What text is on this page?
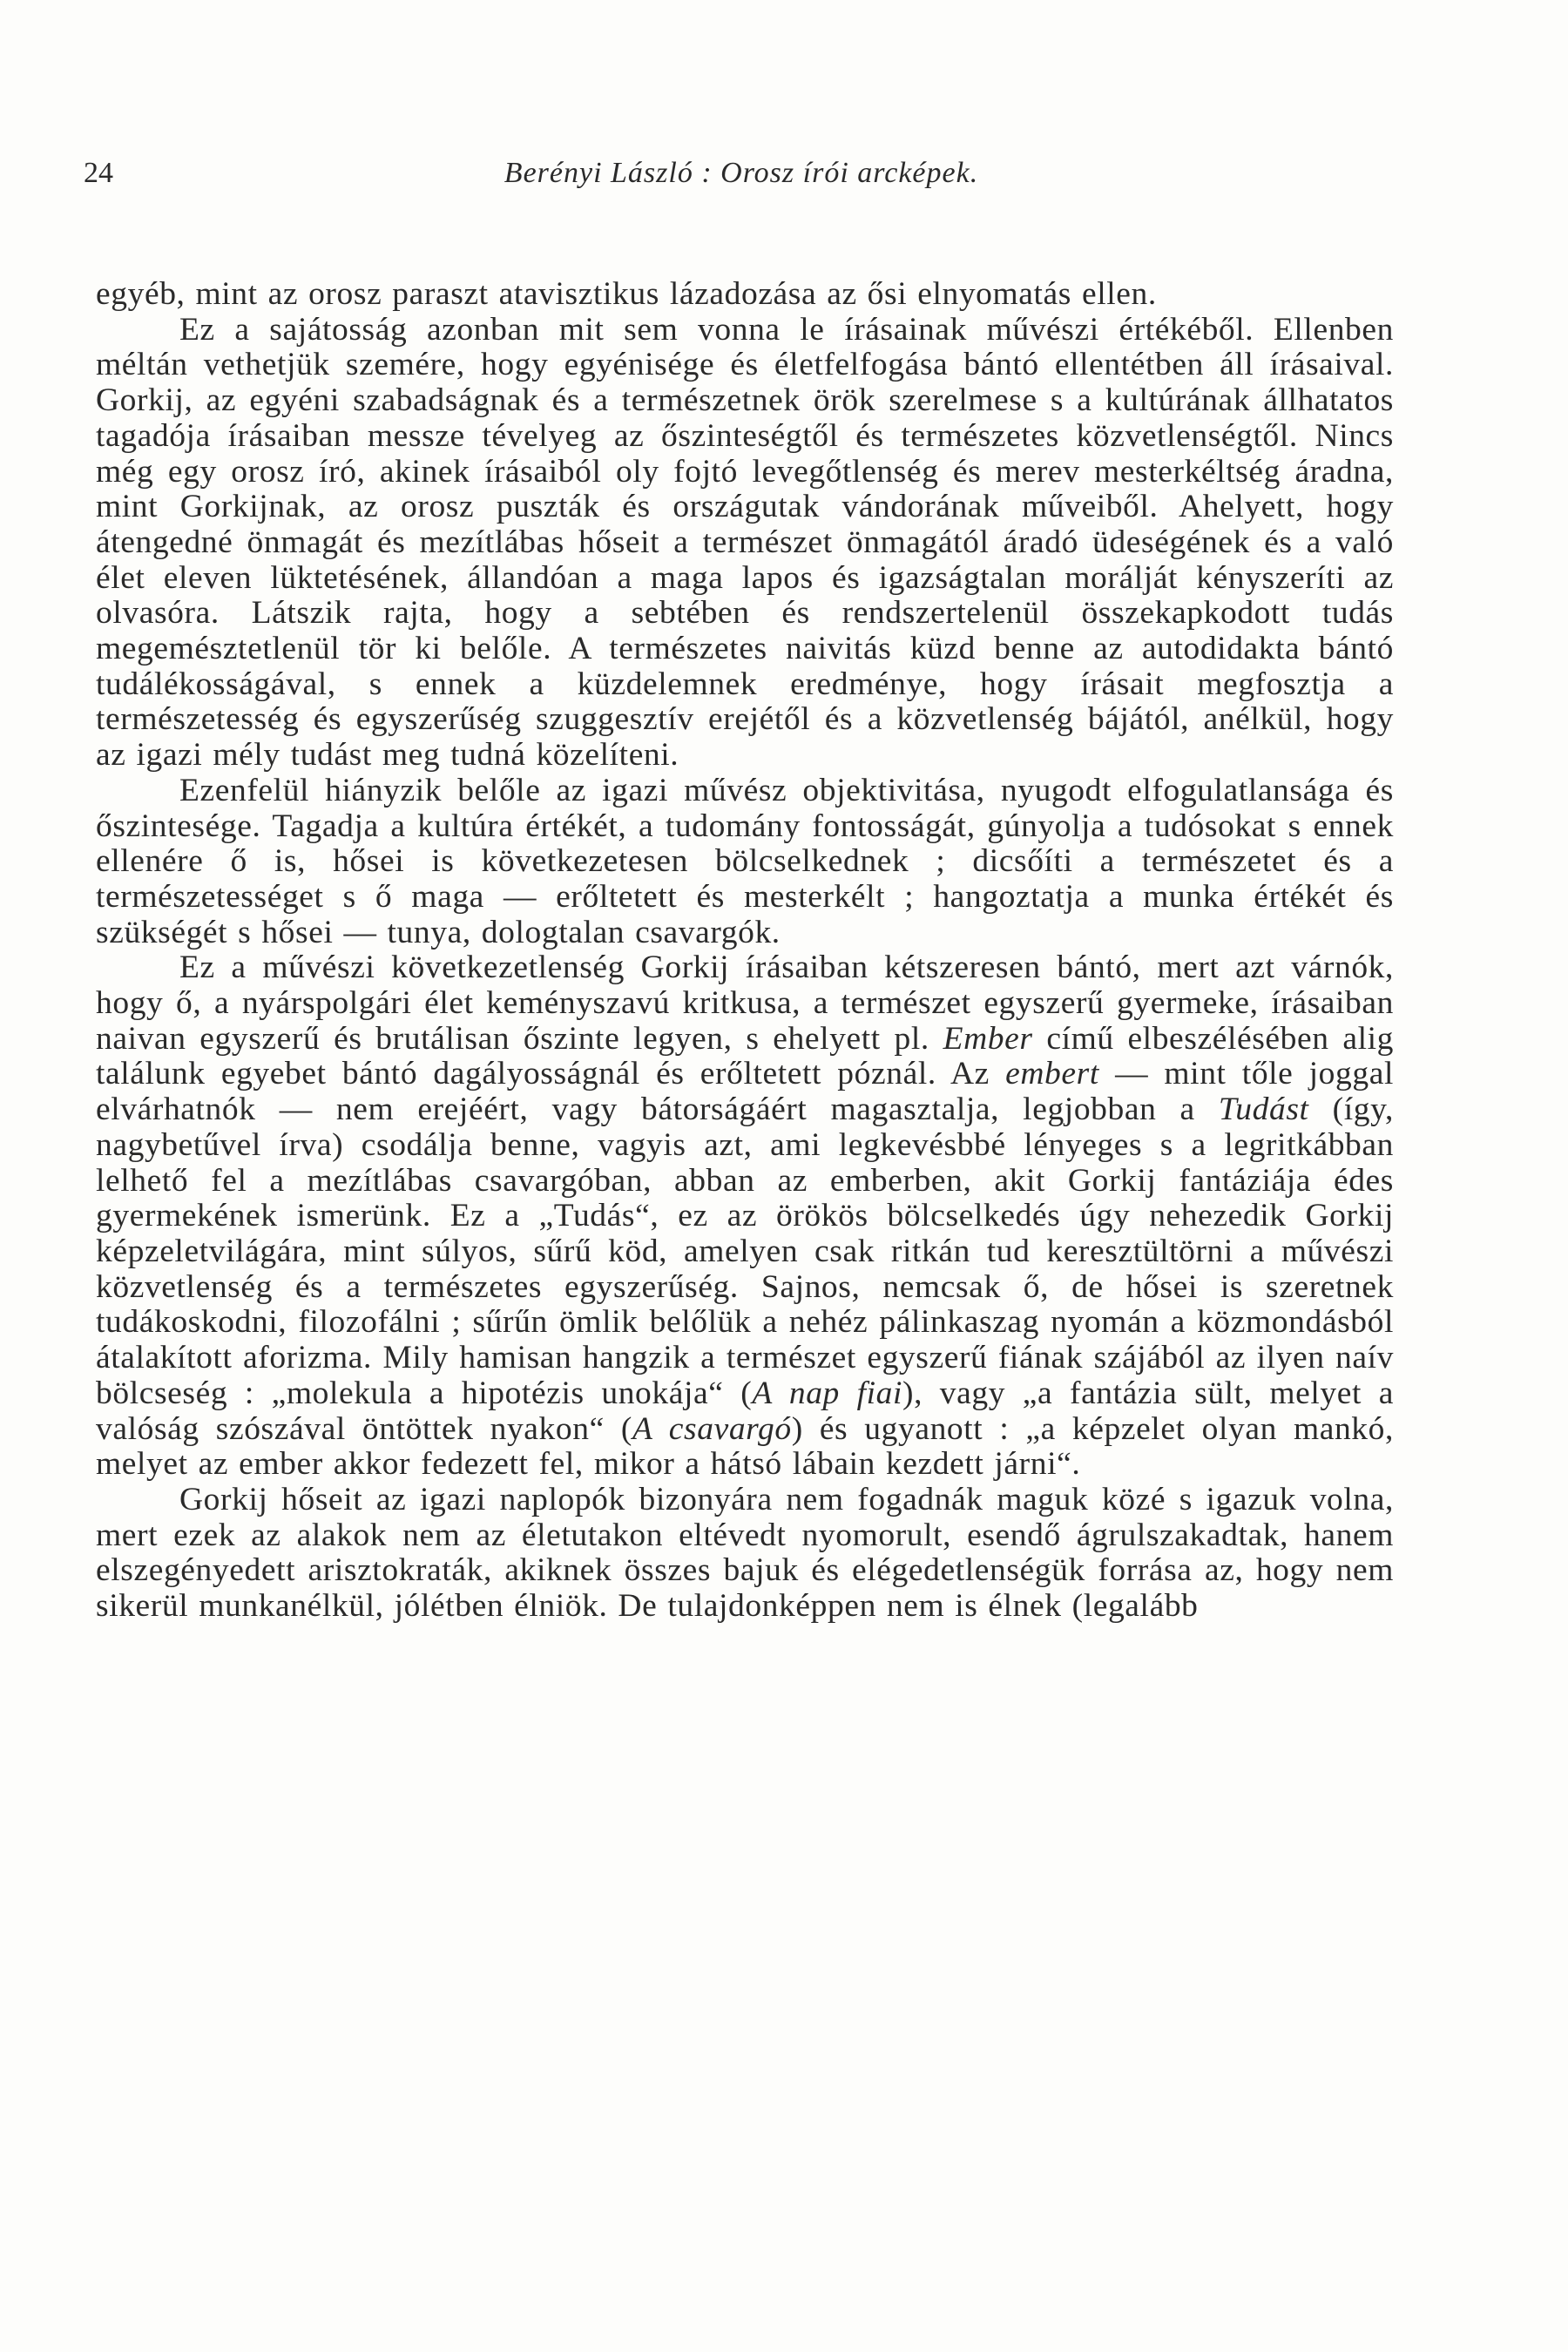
24	Berényi László : Orosz írói arcképek.

egyéb, mint az orosz paraszt atavisztikus lázadozása az ősi elnyomatás ellen.

Ez a sajátosság azonban mit sem vonna le írásainak művészi értékéből. Ellenben méltán vethetjük szemére, hogy egyénisége és életfelfogása bántó ellentétben áll írásaival. Gorkij, az egyéni szabadságnak és a természetnek örök szerelmese s a kultúrának állhatatos tagadója írásaiban messze tévelyeg az őszinteségtől és természetes közvetlenségtől. Nincs még egy orosz író, akinek írásaiból oly fojtó levegőtlenség és merev mesterkéltség áradna, mint Gorkijnak, az orosz puszták és országutak vándorának műveiből. Ahelyett, hogy átengedné önmagát és mezítlábas hőseit a természet önmagától áradó üdeségének és a való élet eleven lüktetésének, állandóan a maga lapos és igazságtalan morálját kényszeríti az olvasóra. Látszik rajta, hogy a sebtében és rendszertelenül összekapkodott tudás megemésztetlenül tör ki belőle. A természetes naivitás küzd benne az autodidakta bántó tudálékosságával, s ennek a küzdelemnek eredménye, hogy írásait megfosztja a természetesség és egyszerűség szuggesztív erejétől és a közvetlenség bájától, anélkül, hogy az igazi mély tudást meg tudná közelíteni.

Ezenfelül hiányzik belőle az igazi művész objektivitása, nyugodt elfogulatlansága és őszintesége. Tagadja a kultúra értékét, a tudomány fontosságát, gúnyolja a tudósokat s ennek ellenére ő is, hősei is következetesen bölcselkednek ; dicsőíti a természetet és a természetességet s ő maga — erőltetett és mesterkélt ; hangoztatja a munka értékét és szükségét s hősei — tunya, dologtalan csavargók.

Ez a művészi következetlenség Gorkij írásaiban kétszeresen bántó, mert azt várnók, hogy ő, a nyárspolgári élet keményszavú kritkusa, a természet egyszerű gyermeke, írásaiban naivan egyszerű és brutálisan őszinte legyen, s ehelyett pl. Ember című elbeszélésében alig találunk egyebet bántó dagályosságnál és erőltetett póznál. Az embert — mint tőle joggal elvárhatnók — nem erejéért, vagy bátorságáért magasztalja, legjobban a Tudást (így, nagybetűvel írva) csodálja benne, vagyis azt, ami legkevésbbé lényeges s a legritkábban lelhető fel a mezítlábas csavargóban, abban az emberben, akit Gorkij fantáziája édes gyermekének ismerünk. Ez a „Tudás“, ez az örökös bölcselkedés úgy nehezedik Gorkij képzeletvilágára, mint súlyos, sűrű köd, amelyen csak ritkán tud keresztültörni a művészi közvetlenség és a természetes egyszerűség. Sajnos, nemcsak ő, de hősei is szeretnek tudákoskodni, filozofálni ; sűrűn ömlik belőlük a nehéz pálinkaszag nyomán a közmondásból átalakított aforizma. Mily hamisan hangzik a természet egyszerű fiának szájából az ilyen naív bölcseség : „molekula a hipotézis unokája“ (A nap fiai), vagy „a fantázia sült, melyet a valóság szószával öntöttek nyakon“ (A csavargó) és ugyanott : „a képzelet olyan mankó, melyet az ember akkor fedezett fel, mikor a hátsó lábain kezdett járni“.

Gorkij hőseit az igazi naplopók bizonyára nem fogadnák maguk közé s igazuk volna, mert ezek az alakok nem az életutakon eltévedt nyomorult, esendő ágrulszakadtak, hanem elszegényedett arisztokraták, akiknek összes bajuk és elégedetlenségük forrása az, hogy nem sikerül munkanélkül, jólétben élniök. De tulajdonképpen nem is élnek (legalább
